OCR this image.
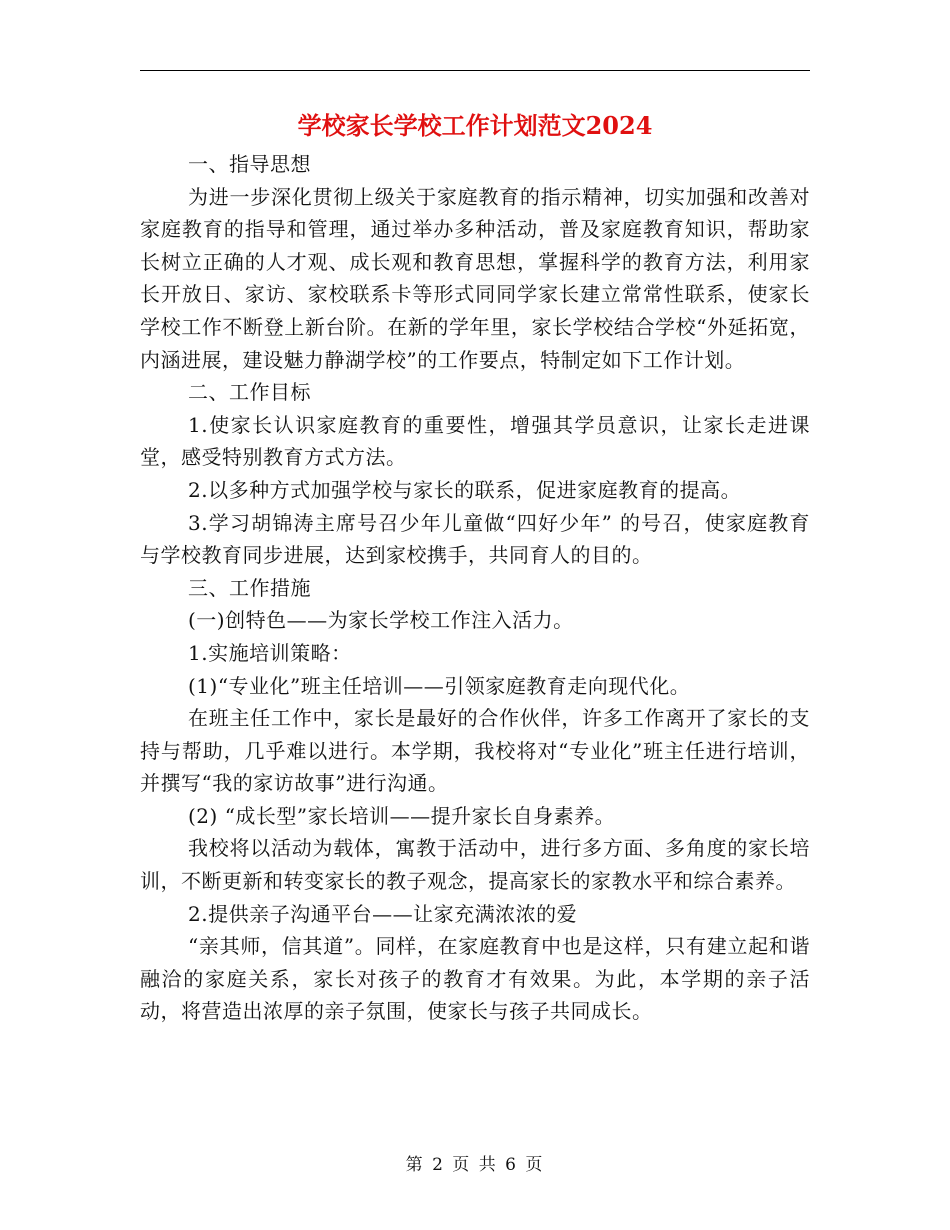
学校家长学校工作计划范文2024

一、指导思想

为进一步深化贯彻上级关于家庭教育的指示精神，切实加强和改善对家庭教育的指导和管理，通过举办多种活动，普及家庭教育知识，帮助家长树立正确的人才观、成长观和教育思想，掌握科学的教育方法，利用家长开放日、家访、家校联系卡等形式同同学家长建立常常性联系，使家长学校工作不断登上新台阶。在新的学年里，家长学校结合学校“外延拓宽，内涵进展，建设魅力静湖学校”的工作要点，特制定如下工作计划。

二、工作目标

1.使家长认识家庭教育的重要性，增强其学员意识，让家长走进课堂，感受特别教育方式方法。

2.以多种方式加强学校与家长的联系，促进家庭教育的提高。

3.学习胡锦涛主席号召少年儿童做“四好少年” 的号召，使家庭教育与学校教育同步进展，达到家校携手，共同育人的目的。

三、工作措施

(一)创特色——为家长学校工作注入活力。

1.实施培训策略：

(1)“专业化”班主任培训——引领家庭教育走向现代化。

在班主任工作中，家长是最好的合作伙伴，许多工作离开了家长的支持与帮助，几乎难以进行。本学期，我校将对“专业化”班主任进行培训，并撰写“我的家访故事”进行沟通。

(2) “成长型”家长培训——提升家长自身素养。

我校将以活动为载体，寓教于活动中，进行多方面、多角度的家长培训，不断更新和转变家长的教子观念，提高家长的家教水平和综合素养。

2.提供亲子沟通平台——让家充满浓浓的爱

“亲其师，信其道”。同样，在家庭教育中也是这样，只有建立起和谐融洽的家庭关系，家长对孩子的教育才有效果。为此，本学期的亲子活动，将营造出浓厚的亲子氛围，使家长与孩子共同成长。

第 2 页 共 6 页
